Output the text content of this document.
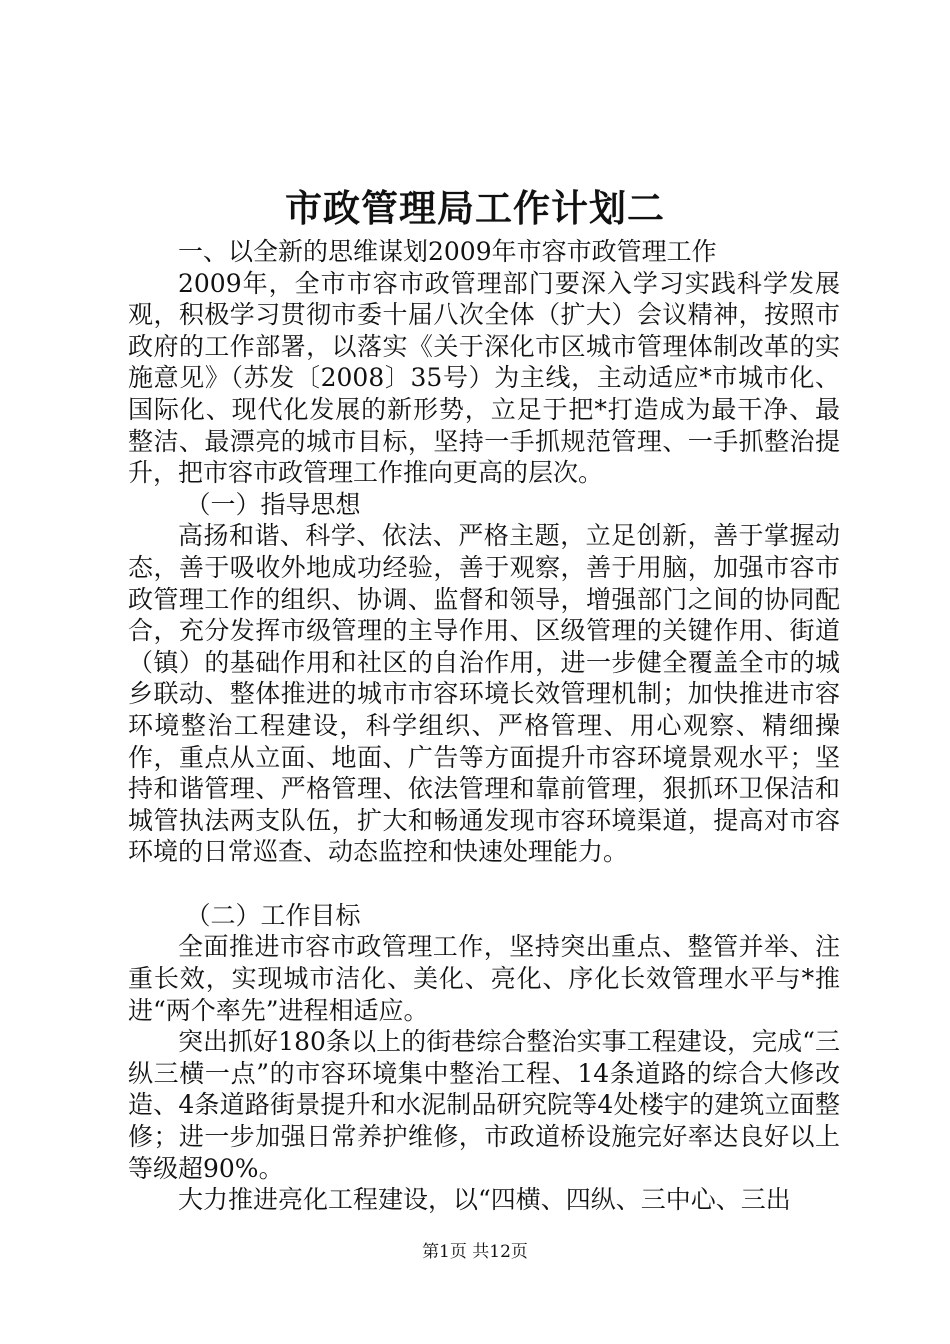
市政管理局工作计划二

一、以全新的思维谋划2009年市容市政管理工作

2009年，全市市容市政管理部门要深入学习实践科学发展观，积极学习贯彻市委十届八次全体（扩大）会议精神，按照市政府的工作部署，以落实《关于深化市区城市管理体制改革的实施意见》（苏发〔2008〕35号）为主线，主动适应*市城市化、国际化、现代化发展的新形势，立足于把*打造成为最干净、最整洁、最漂亮的城市目标，坚持一手抓规范管理、一手抓整治提升，把市容市政管理工作推向更高的层次。

（一）指导思想

高扬和谐、科学、依法、严格主题，立足创新，善于掌握动态，善于吸收外地成功经验，善于观察，善于用脑，加强市容市政管理工作的组织、协调、监督和领导，增强部门之间的协同配合，充分发挥市级管理的主导作用、区级管理的关键作用、街道（镇）的基础作用和社区的自治作用，进一步健全覆盖全市的城乡联动、整体推进的城市市容环境长效管理机制；加快推进市容环境整治工程建设，科学组织、严格管理、用心观察、精细操作，重点从立面、地面、广告等方面提升市容环境景观水平；坚持和谐管理、严格管理、依法管理和靠前管理，狠抓环卫保洁和城管执法两支队伍，扩大和畅通发现市容环境渠道，提高对市容环境的日常巡查、动态监控和快速处理能力。

（二）工作目标

全面推进市容市政管理工作，坚持突出重点、整管并举、注重长效，实现城市洁化、美化、亮化、序化长效管理水平与*推进“两个率先”进程相适应。

突出抓好180条以上的街巷综合整治实事工程建设，完成“三纵三横一点”的市容环境集中整治工程、14条道路的综合大修改造、4条道路街景提升和水泥制品研究院等4处楼宇的建筑立面整修；进一步加强日常养护维修，市政道桥设施完好率达良好以上等级超90%。

大力推进亮化工程建设，以“四横、四纵、三中心、三出

第1页 共12页
